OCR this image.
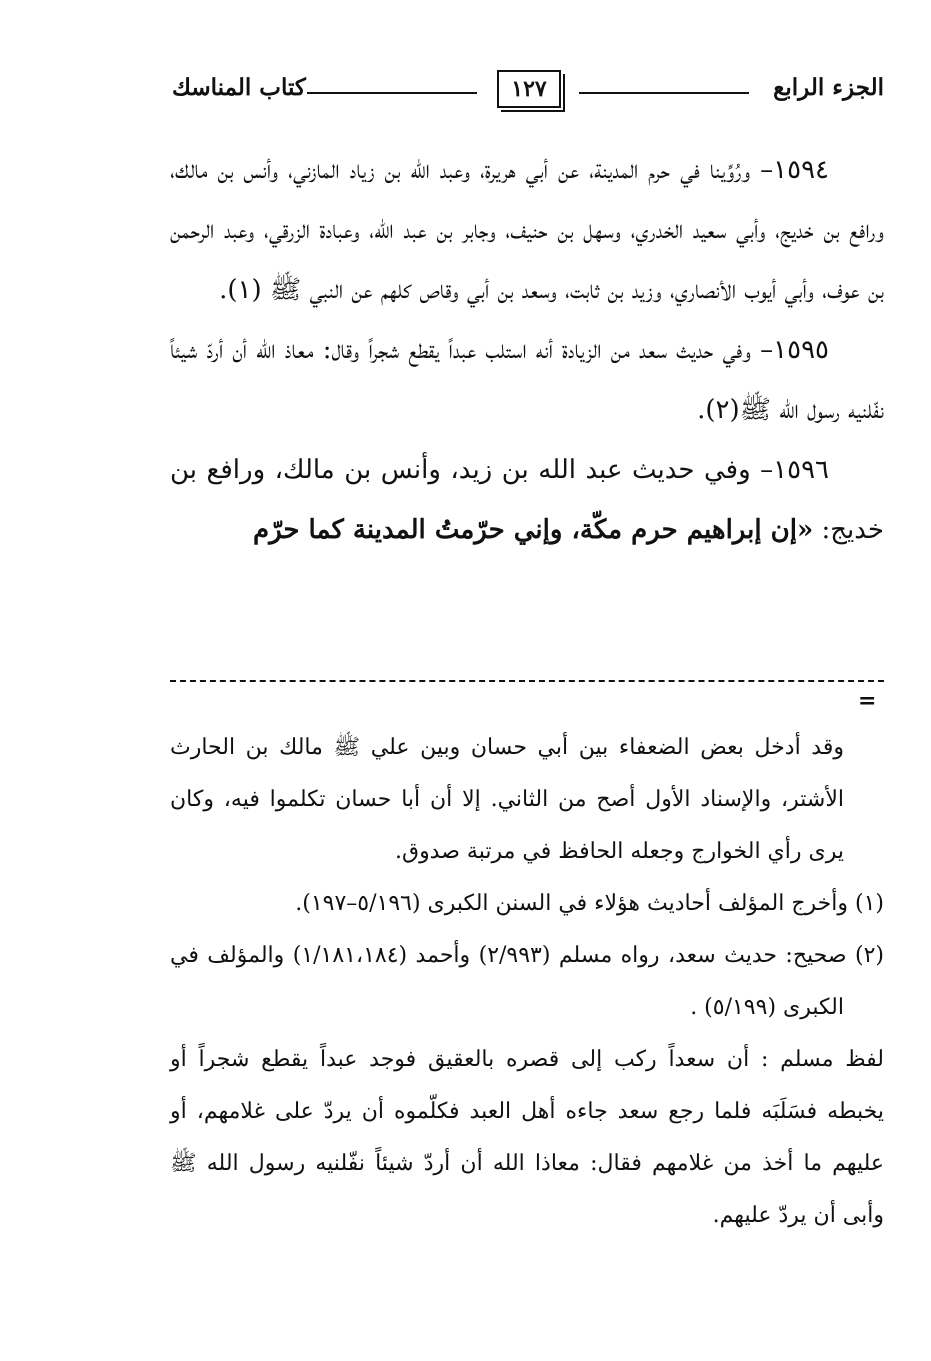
الجزء الرابع
١٢٧
كتاب المناسك

١٥٩٤– ورُوِّينا في حرم المدينة، عن أبي هريرة، وعبد الله بن زياد المازني، وأنس بن مالك، ورافع بن خديج، وأبي سعيد الخدري، وسهل بن حنيف، وجابر بن عبد الله، وعبادة الزرقي، وعبد الرحمن بن عوف، وأبي أيوب الأنصاري، وزيد بن ثابت، وسعد بن أبي وقاص كلهم عن النبي ﷺ (١).

١٥٩٥– وفي حديث سعد من الزيادة أنه استلب عبداً يقطع شجراً وقال: معاذ الله أن أردّ شيئاً نفّلنيه رسول الله ﷺ(٢).

١٥٩٦– وفي حديث عبد الله بن زيد، وأنس بن مالك، ورافع بن خديج: «إن إبراهيم حرم مكّة، وإني حرّمتُ المدينة كما حرّم

=

وقد أدخل بعض الضعفاء بين أبي حسان وبين علي ﷺ مالك بن الحارث الأشتر، والإسناد الأول أصح من الثاني. إلا أن أبا حسان تكلموا فيه، وكان يرى رأي الخوارج وجعله الحافظ في مرتبة صدوق.

(١) وأخرج المؤلف أحاديث هؤلاء في السنن الكبرى (٥/١٩٦–١٩٧).

(٢) صحيح: حديث سعد، رواه مسلم (٢/٩٩٣) وأحمد (١/١٨١،١٨٤) والمؤلف في الكبرى (٥/١٩٩) .

لفظ مسلم : أن سعداً ركب إلى قصره بالعقيق فوجد عبداً يقطع شجراً أو يخبطه فسَلَبَه فلما رجع سعد جاءه أهل العبد فكلّموه أن يردّ على غلامهم، أو عليهم ما أخذ من غلامهم فقال: معاذا الله أن أردّ شيئاً نفّلنيه رسول الله ﷺ وأبى أن يردّ عليهم.
